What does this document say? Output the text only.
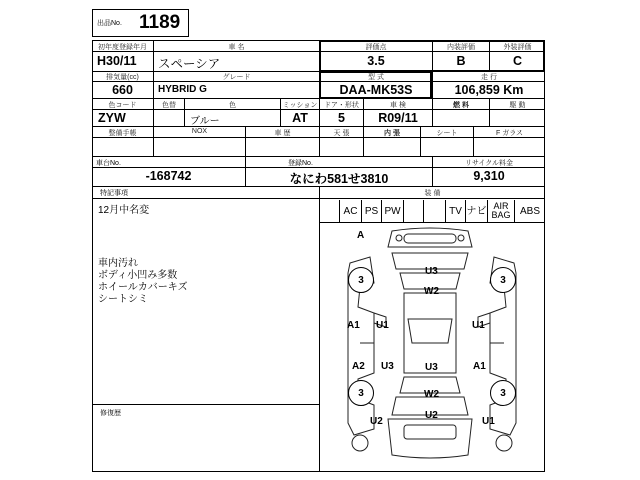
出品No. 1189
初年度登録年月
H30/11
車 名
スペーシア
評価点
3.5
内装評価
B
外装評価
C
排気量(cc)
660
グレード
HYBRID G
型 式
DAA-MK53S
走 行
106,859 Km
色コード
ZYW
色替	色
ブルー
ミッション
AT
ドア・形状
5
車 検
R09/11
燃 料	駆 動
整備手帳	NOX	車 歴	天 張	内 張	シート	F ガラス
車台No.
-168742
登録No.
なにわ581せ3810
リサイクル料金
9,310
特記事項
12月中名変
車内汚れ
ボディ小凹み多数
ホイールカバーキズ
シートシミ
修復歴
装 備
AC PS PW	TV ナビ AIR BAG ABS
A
U3
W2
3	3
A1 U1	U1
A2 U3	U3	A1
3	3
W2
U2
U2	U1
